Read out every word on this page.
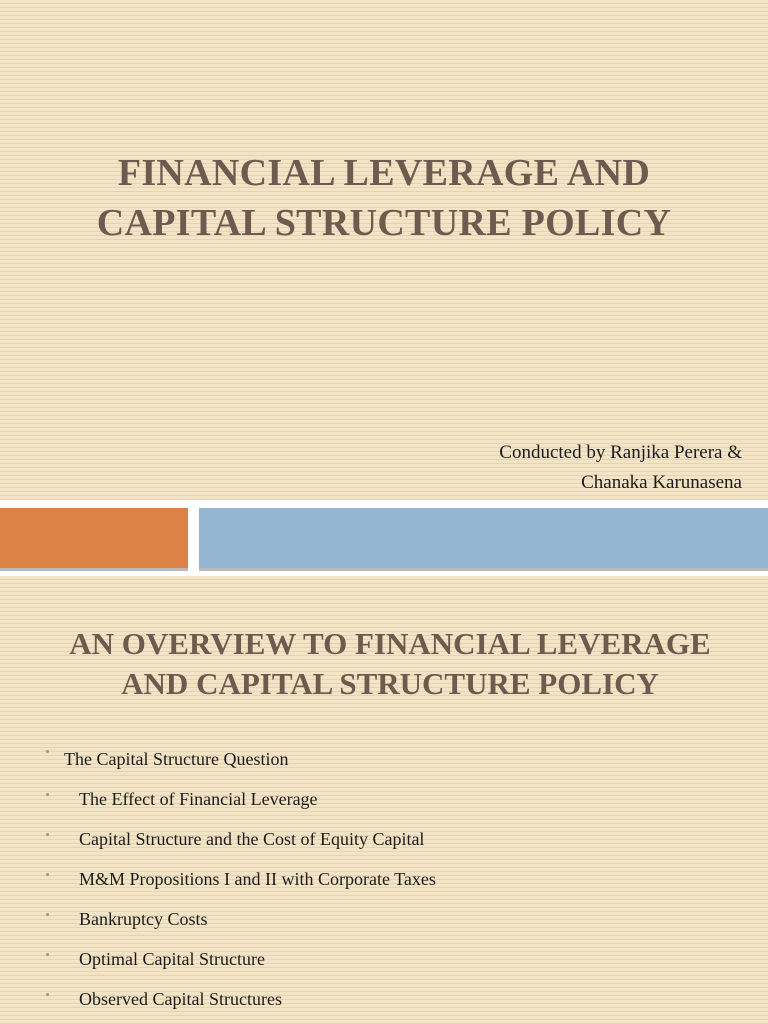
FINANCIAL LEVERAGE AND
CAPITAL STRUCTURE POLICY
Conducted by Ranjika Perera &
Chanaka Karunasena
AN OVERVIEW TO FINANCIAL LEVERAGE
AND CAPITAL STRUCTURE POLICY
The Capital Structure Question
The Effect of Financial Leverage
Capital Structure and the Cost of Equity Capital
M&M Propositions I and II with Corporate Taxes
Bankruptcy Costs
Optimal Capital Structure
Observed Capital Structures
